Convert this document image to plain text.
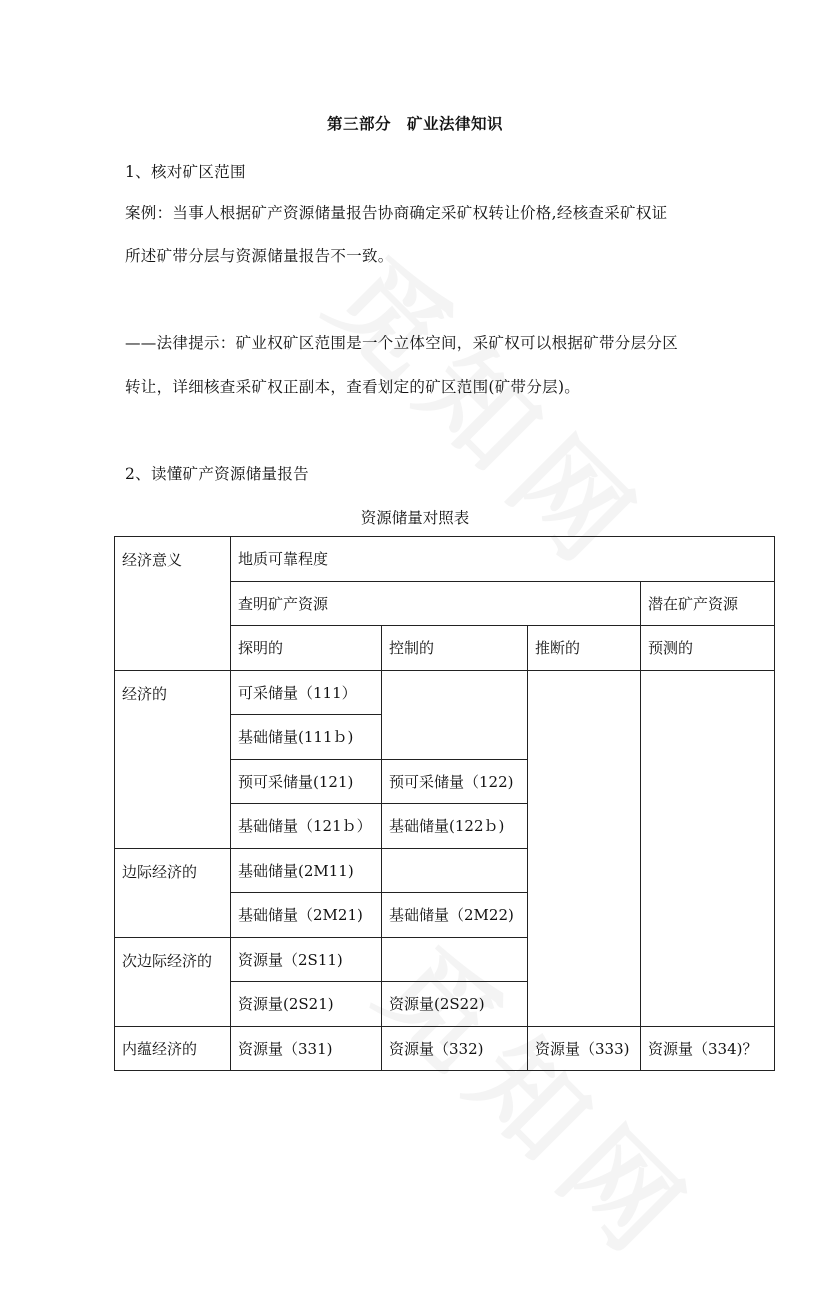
第三部分　矿业法律知识
1、核对矿区范围
案例：当事人根据矿产资源储量报告协商确定采矿权转让价格,经核查采矿权证
所述矿带分层与资源储量报告不一致。
——法律提示：矿业权矿区范围是一个立体空间，采矿权可以根据矿带分层分区
转让，详细核查采矿权正副本，查看划定的矿区范围(矿带分层)。
2、读懂矿产资源储量报告
资源储量对照表
经济意义	地质可靠程度			
	查明矿产资源			潜在矿产资源
	探明的	控制的	推断的	预测的
经济的	可采储量（111）			
	基础储量(111ｂ)			
	预可采储量(121)	预可采储量（122)		
	基础储量（121ｂ）	基础储量(122ｂ)		
边际经济的	基础储量(2M11)			
	基础储量（2M21)	基础储量（2M22)		
次边际经济的	资源量（2S11)			
	资源量(2S21)	资源量(2S22)		
内蕴经济的	资源量（331)	资源量（332)	资源量（333)	资源量（334)？
